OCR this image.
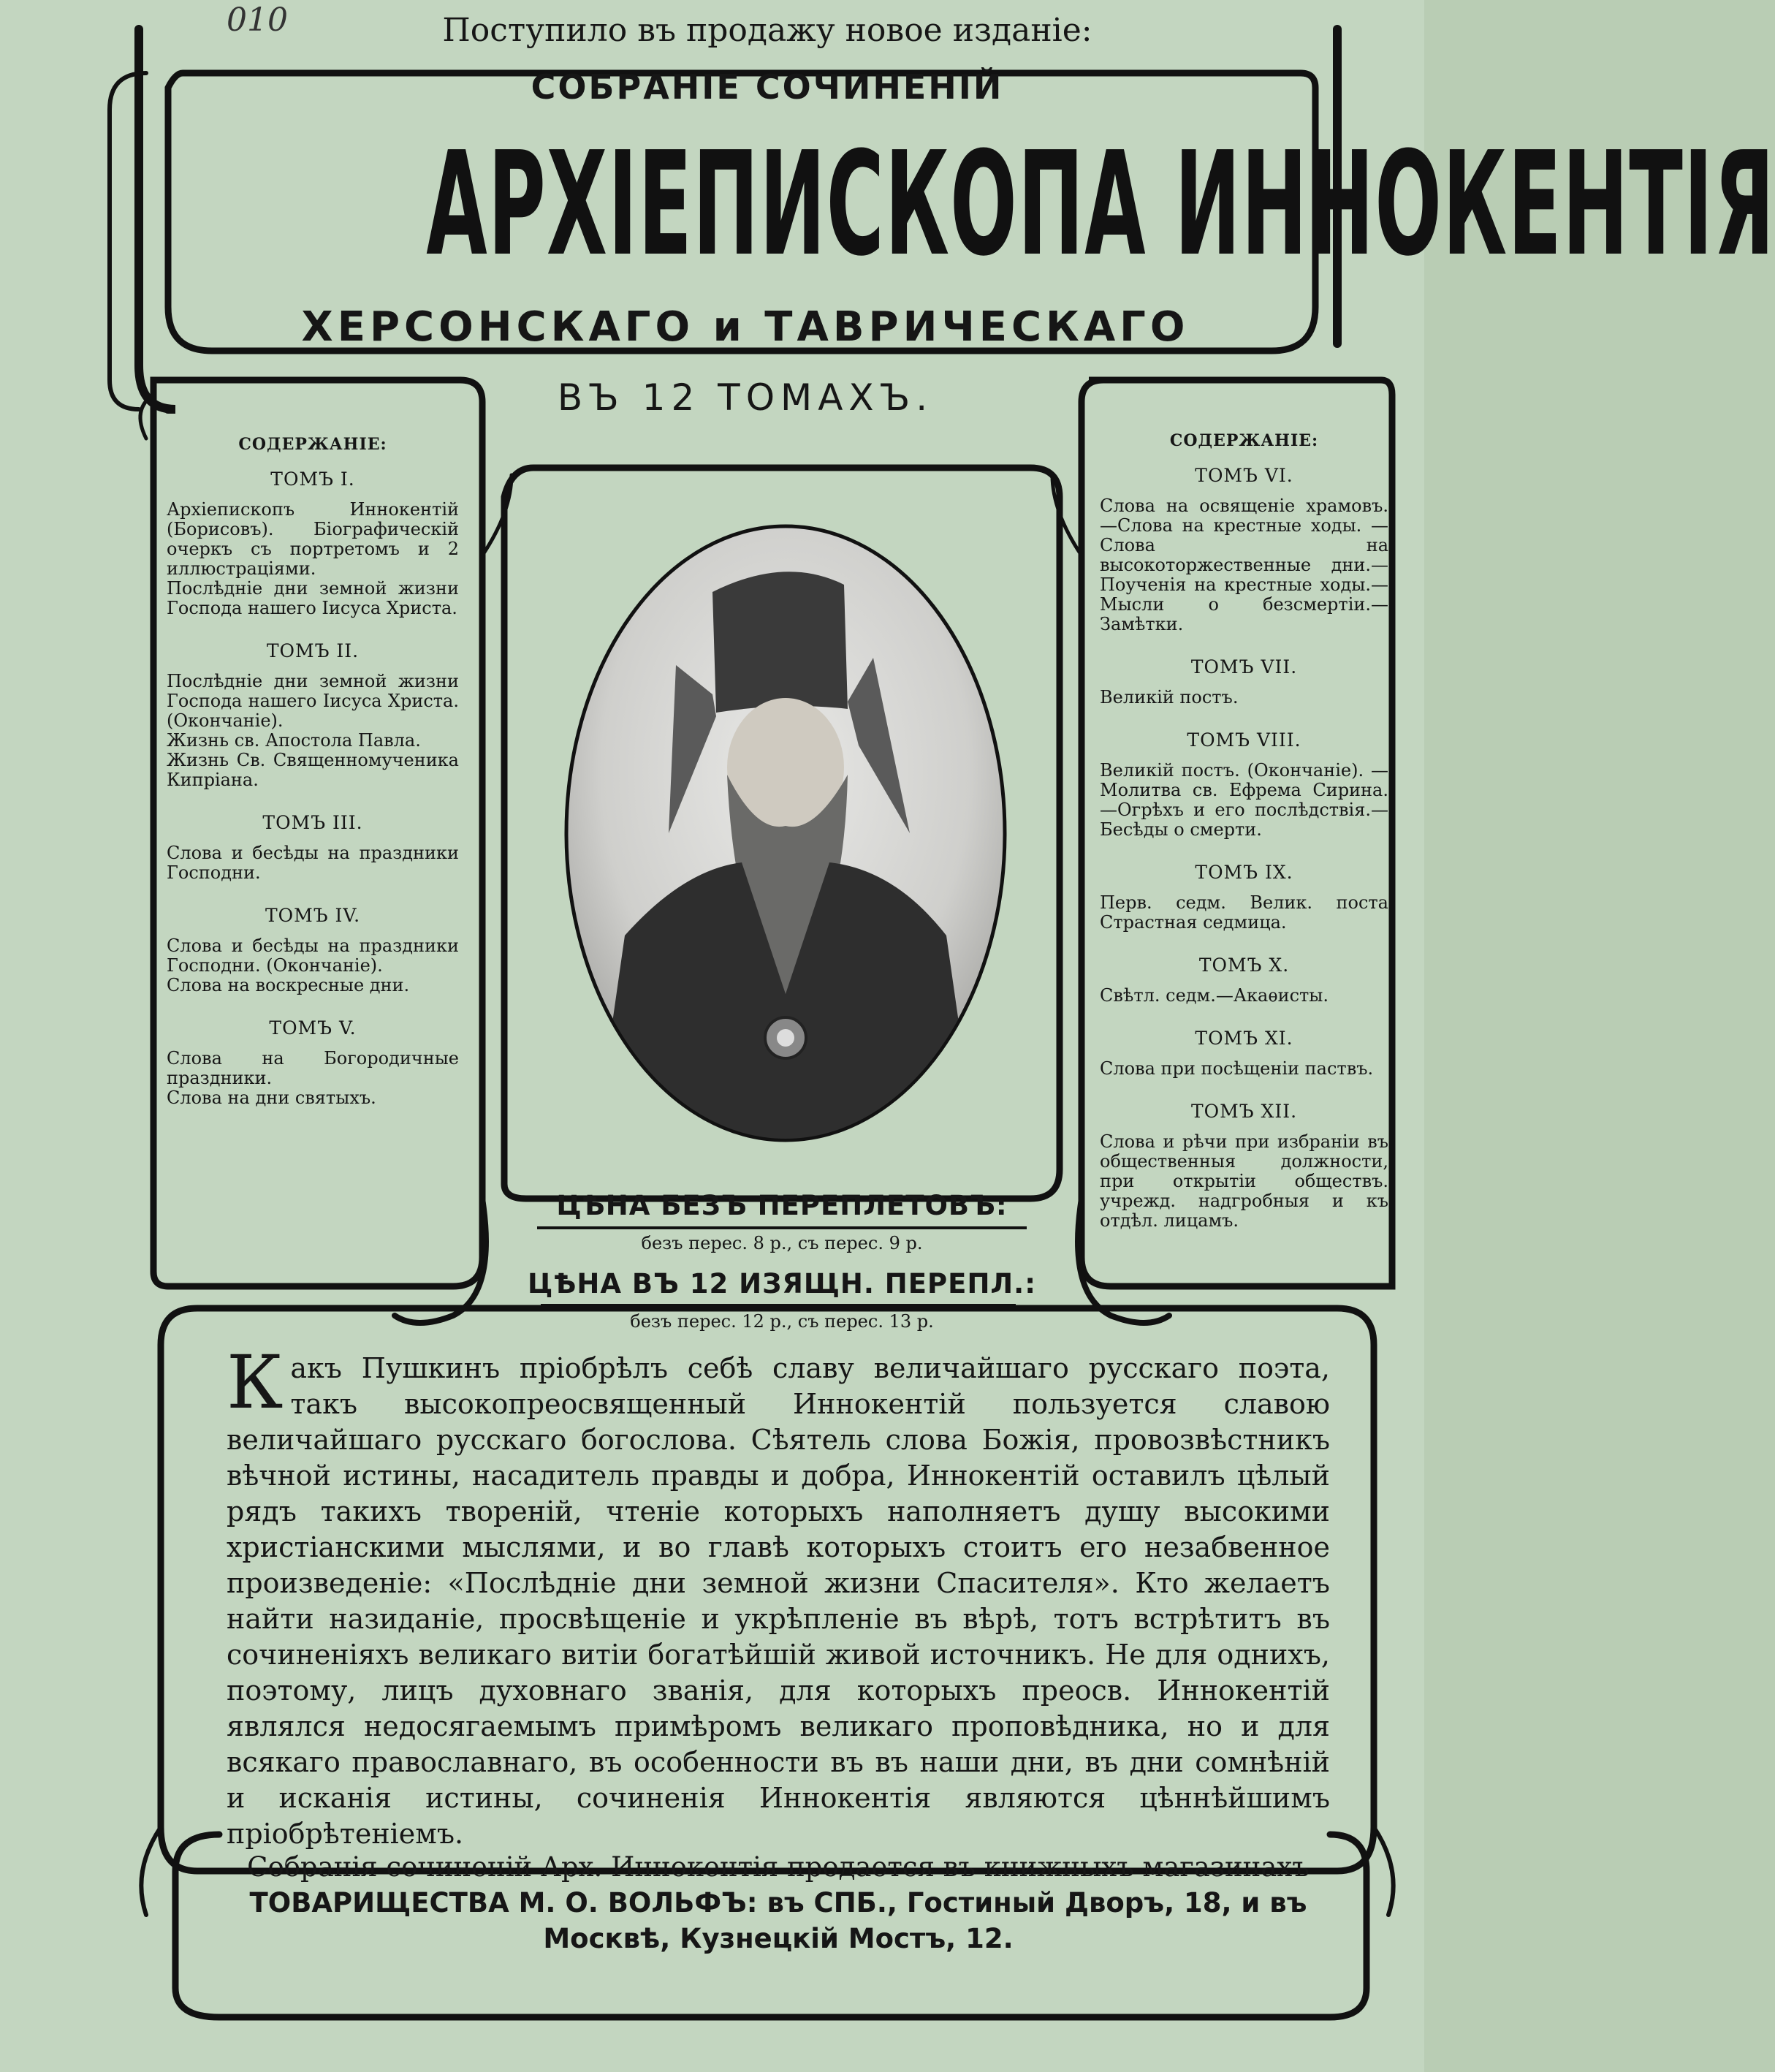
010	Поступило въ продажу новое изданіе:
СОБРАНІЕ СОЧИНЕНІЙ
АРХІЕПИСКОПА ИННОКЕНТІЯ
ХЕРСОНСКАГО и ТАВРИЧЕСКАГО
ВЪ 12 ТОМАХЪ.
СОДЕРЖАНІЕ:
ТОМЪ I.

Архіепископъ Иннокентій (Борисовъ). Біографическій очеркъ съ портретомъ и 2 иллюстраціями.

Послѣдніе дни земной жизни Господа нашего Іисуса Христа.

ТОМЪ II.

Послѣдніе дни земной жизни Господа нашего Іисуса Христа. (Окончаніе).

Жизнь св. Апостола Павла.

Жизнь Св. Священномученика Кипріана.

ТОМЪ III.

Слова и бесѣды на праздники Господни.

ТОМЪ IV.

Слова и бесѣды на праздники Господни. (Окончаніе).

Слова на воскресные дни.

ТОМЪ V.

Слова на Богородичные праздники.

Слова на дни святыхъ.

СОДЕРЖАНІЕ:
ТОМЪ VI.

Слова на освященіе храмовъ.—Слова на крестные ходы. — Слова на высокоторжественные дни.—Поученія на крестные ходы.—Мысли о безсмертіи.—Замѣтки.

ТОМЪ VII.

Великій постъ.

ТОМЪ VIII.

Великій постъ. (Окончаніе). — Молитва св. Ефрема Сирина.—Огрѣхъ и его послѣдствія.—Бесѣды о смерти.

ТОМЪ IX.

Перв. седм. Велик. поста Страстная седмица.

ТОМЪ X.

Свѣтл. седм.—Акаѳисты.

ТОМЪ XI.

Слова при посѣщеніи паствъ.

ТОМЪ XII.

Слова и рѣчи при избраніи въ общественныя должности, при открытіи обществъ. учрежд. надгробныя и къ отдѣл. лицамъ.

ЦѢНА БЕЗЪ ПЕРЕПЛЕТОВЪ:
безъ перес. 8 р., съ перес. 9 р.
ЦѢНА ВЪ 12 ИЗЯЩН. ПЕРЕПЛ.:
безъ перес. 12 р., съ перес. 13 р.
Какъ Пушкинъ пріобрѣлъ себѣ славу величайшаго русскаго поэта, такъ высокопреосвященный Иннокентій пользуется славою величайшаго русскаго богослова. Сѣятель слова Божія, провозвѣстникъ вѣчной истины, насадитель правды и добра, Иннокентій оставилъ цѣлый рядъ такихъ твореній, чтеніе которыхъ наполняетъ душу высокими христіанскими мыслями, и во главѣ которыхъ стоитъ его незабвенное произведеніе: «Послѣдніе дни земной жизни Спасителя». Кто желаетъ найти назиданіе, просвѣщеніе и укрѣпленіе въ вѣрѣ, тотъ встрѣтитъ въ сочиненіяхъ великаго витіи богатѣйшій живой источникъ. Не для однихъ, поэтому, лицъ духовнаго званія, для которыхъ преосв. Иннокентій являлся недосягаемымъ примѣромъ великаго проповѣдника, но и для всякаго православнаго, въ особенности въ въ наши дни, въ дни сомнѣній и исканія истины, сочиненія Иннокентія являются цѣннѣйшимъ пріобрѣтеніемъ.
Собранія сочиненій Арх. Иннокентія продается въ книжныхъ магазинахъ ТОВАРИЩЕСТВА М. О. ВОЛЬФЪ: въ СПБ., Гостиный Дворъ, 18, и въ Москвѣ, Кузнецкій Мостъ, 12.
